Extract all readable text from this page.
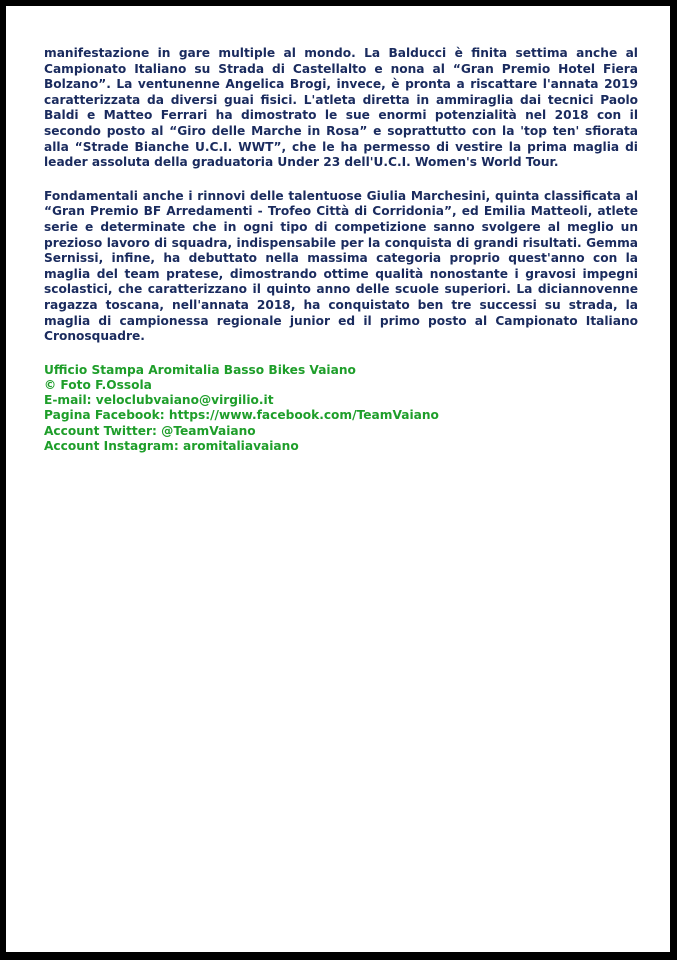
manifestazione in gare multiple al mondo. La Balducci è finita settima anche al Campionato Italiano su Strada di Castellalto e nona al “Gran Premio Hotel Fiera Bolzano”. La ventunenne Angelica Brogi, invece, è pronta a riscattare l'annata 2019 caratterizzata da diversi guai fisici. L'atleta diretta in ammiraglia dai tecnici Paolo Baldi e Matteo Ferrari ha dimostrato le sue enormi potenzialità nel 2018 con il secondo posto al “Giro delle Marche in Rosa” e soprattutto con la 'top ten' sfiorata alla “Strade Bianche U.C.I. WWT”, che le ha permesso di vestire la prima maglia di leader assoluta della graduatoria Under 23 dell'U.C.I. Women's World Tour.

Fondamentali anche i rinnovi delle talentuose Giulia Marchesini, quinta classificata al “Gran Premio BF Arredamenti - Trofeo Città di Corridonia”, ed Emilia Matteoli, atlete serie e determinate che in ogni tipo di competizione sanno svolgere al meglio un prezioso lavoro di squadra, indispensabile per la conquista di grandi risultati. Gemma Sernissi, infine, ha debuttato nella massima categoria proprio quest'anno con la maglia del team pratese, dimostrando ottime qualità nonostante i gravosi impegni scolastici, che caratterizzano il quinto anno delle scuole superiori. La diciannovenne ragazza toscana, nell'annata 2018, ha conquistato ben tre successi su strada, la maglia di campionessa regionale junior ed il primo posto al Campionato Italiano Cronosquadre.

Ufficio Stampa Aromitalia Basso Bikes Vaiano
© Foto F.Ossola
E-mail: veloclubvaiano@virgilio.it
Pagina Facebook: https://www.facebook.com/TeamVaiano
Account Twitter: @TeamVaiano
Account Instagram: aromitaliavaiano
